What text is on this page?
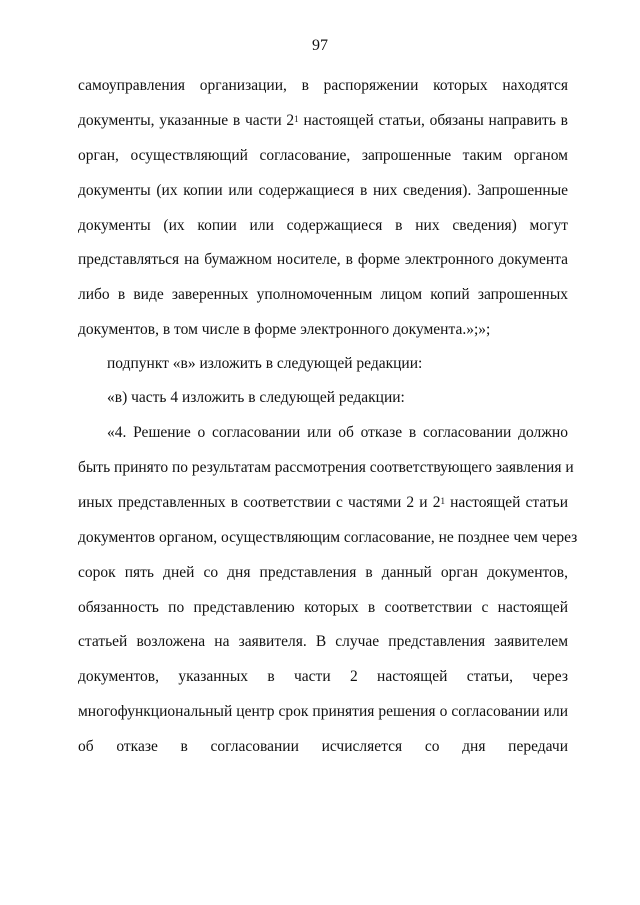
97
самоуправления организации, в распоряжении которых находятся
документы, указанные в части $2^1$ настоящей статьи, обязаны направить в
орган, осуществляющий согласование, запрошенные таким органом
документы (их копии или содержащиеся в них сведения). Запрошенные
документы (их копии или содержащиеся в них сведения) могут
представляться на бумажном носителе, в форме электронного документа
либо в виде заверенных уполномоченным лицом копий запрошенных
документов, в том числе в форме электронного документа.»;»;
подпункт «в» изложить в следующей редакции:
«в) часть 4 изложить в следующей редакции:
«4. Решение о согласовании или об отказе в согласовании должно
быть принято по результатам рассмотрения соответствующего заявления и
иных представленных в соответствии с частями 2 и $2^1$ настоящей статьи
документов органом, осуществляющим согласование, не позднее чем через
сорок пять дней со дня представления в данный орган документов,
обязанность по представлению которых в соответствии с настоящей
статьей возложена на заявителя. В случае представления заявителем
документов, указанных в части 2 настоящей статьи, через
многофункциональный центр срок принятия решения о согласовании или
об отказе в согласовании исчисляется со дня передачи
